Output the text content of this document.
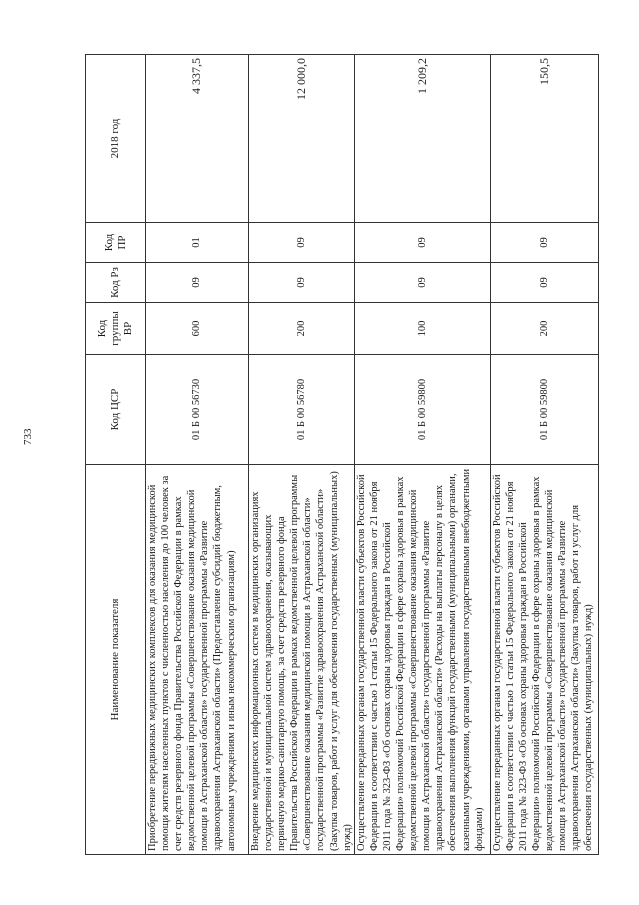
733
Наименование показателя	Код ЦСР	Код группы ВР	Код Рз	Код ПР	2018 год
Приобретение передвижных медицинских комплексов для оказания медицинской помощи жителям населенных пунктов с численностью населения до 100 человек за счет средств резервного фонда Правительства Российской Федерации в рамках ведомственной целевой программы «Совершенствование оказания медицинской помощи в Астраханской области» государственной программы «Развитие здравоохранения Астраханской области» (Предоставление субсидий бюджетным, автономным учреждениям и иным некоммерческим организациям)	01 Б 00 56730	600	09	01	4 337,5
Внедрение медицинских информационных систем в медицинских организациях государственной и муниципальной систем здравоохранения, оказывающих первичную медико-санитарную помощь, за счет средств резервного фонда Правительства Российской Федерации в рамках ведомственной целевой программы «Совершенствование оказания медицинской помощи в Астраханской области» государственной программы «Развитие здравоохранения Астраханской области» (Закупка товаров, работ и услуг для обеспечения государственных (муниципальных) нужд)	01 Б 00 56780	200	09	09	12 000,0
Осуществление переданных органам государственной власти субъектов Российской Федерации в соответствии с частью 1 статьи 15 Федерального закона от 21 ноября 2011 года № 323-ФЗ «Об основах охраны здоровья граждан в Российской Федерации» полномочий Российской Федерации в сфере охраны здоровья в рамках ведомственной целевой программы «Совершенствование оказания медицинской помощи в Астраханской области» государственной программы «Развитие здравоохранения Астраханской области» (Расходы на выплаты персоналу в целях обеспечения выполнения функций государственными (муниципальными) органами, казенными учреждениями, органами управления государственными внебюджетными фондами)	01 Б 00 59800	100	09	09	1 209,2
Осуществление переданных органам государственной власти субъектов Российской Федерации в соответствии с частью 1 статьи 15 Федерального закона от 21 ноября 2011 года № 323-ФЗ «Об основах охраны здоровья граждан в Российской Федерации» полномочий Российской Федерации в сфере охраны здоровья в рамках ведомственной целевой программы «Совершенствование оказания медицинской помощи в Астраханской области» государственной программы «Развитие здравоохранения Астраханской области» (Закупка товаров, работ и услуг для обеспечения государственных (муниципальных) нужд)	01 Б 00 59800	200	09	09	150,5
